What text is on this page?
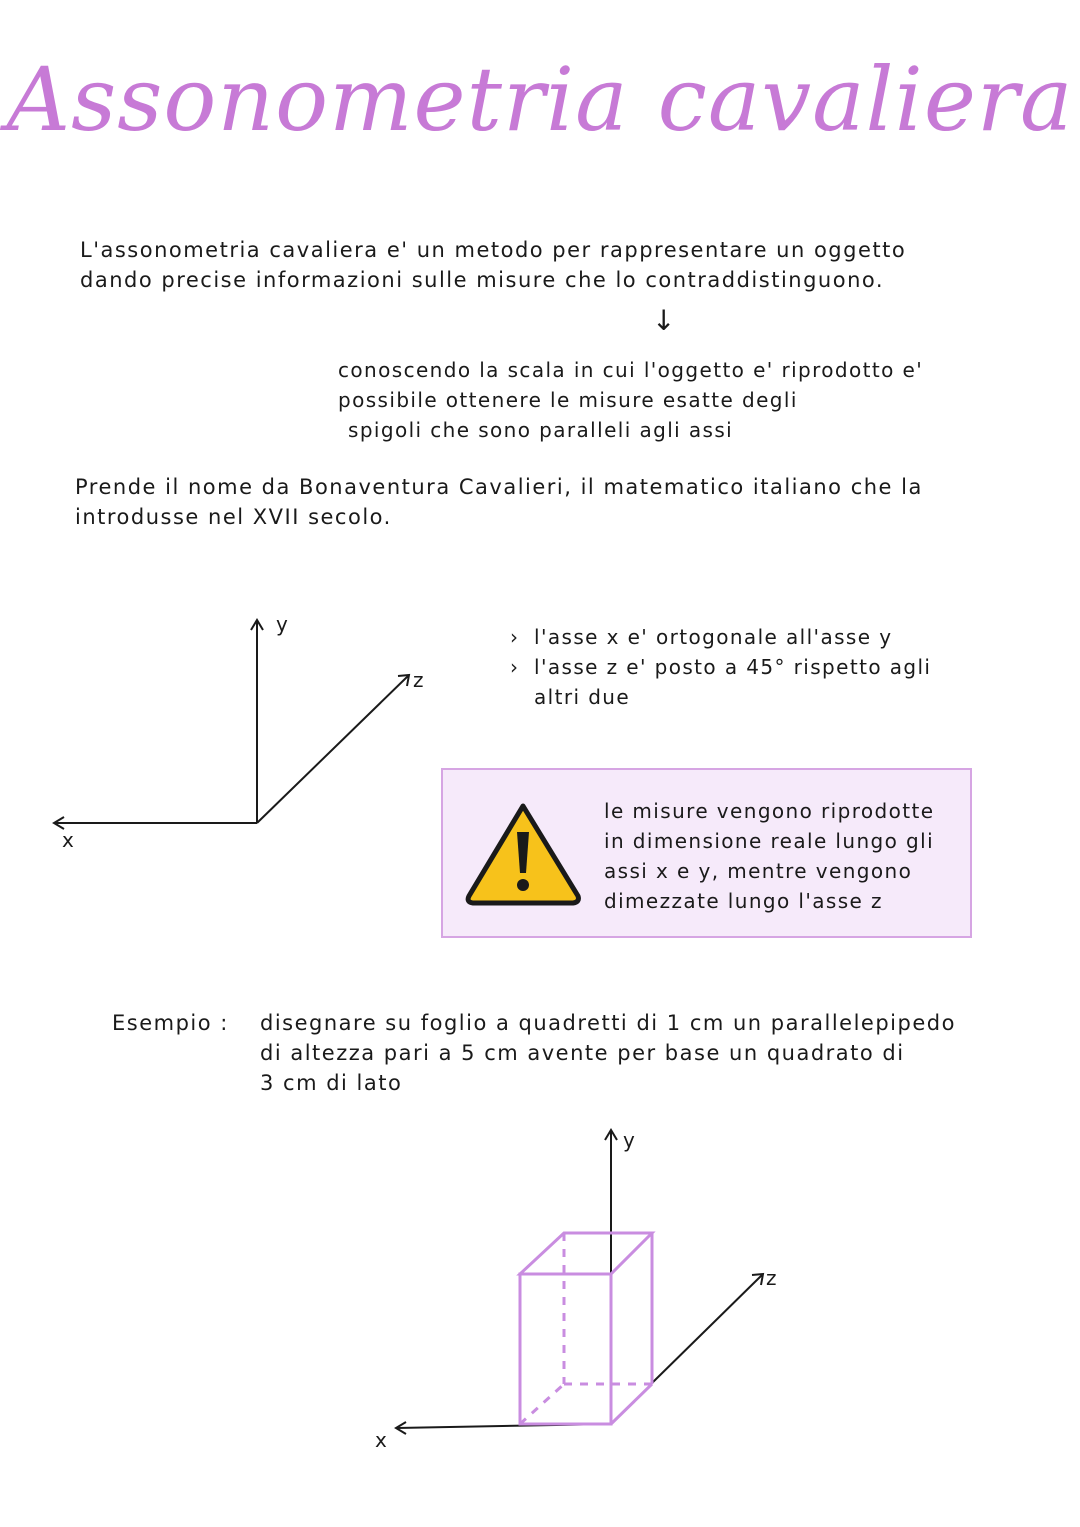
Assonometria cavaliera
L'assonometria cavaliera e' un metodo per rappresentare un oggetto
dando precise informazioni sulle misure che lo contraddistinguono.
↓
conoscendo la scala in cui l'oggetto e' riprodotto e'
possibile ottenere le misure esatte degli
spigoli che sono paralleli agli assi
Prende il nome da Bonaventura Cavalieri, il matematico italiano che la
introdusse nel XVII secolo.
y
x
z
› l'asse x e' ortogonale all'asse y
› l'asse z e' posto a 45° rispetto agli
altri due
le misure vengono riprodotte
in dimensione reale lungo gli
assi x e y, mentre vengono
dimezzate lungo l'asse z
Esempio : disegnare su foglio a quadretti di 1 cm un parallelepipedo
di altezza pari a 5 cm avente per base un quadrato di
3 cm di lato
y
x
z
